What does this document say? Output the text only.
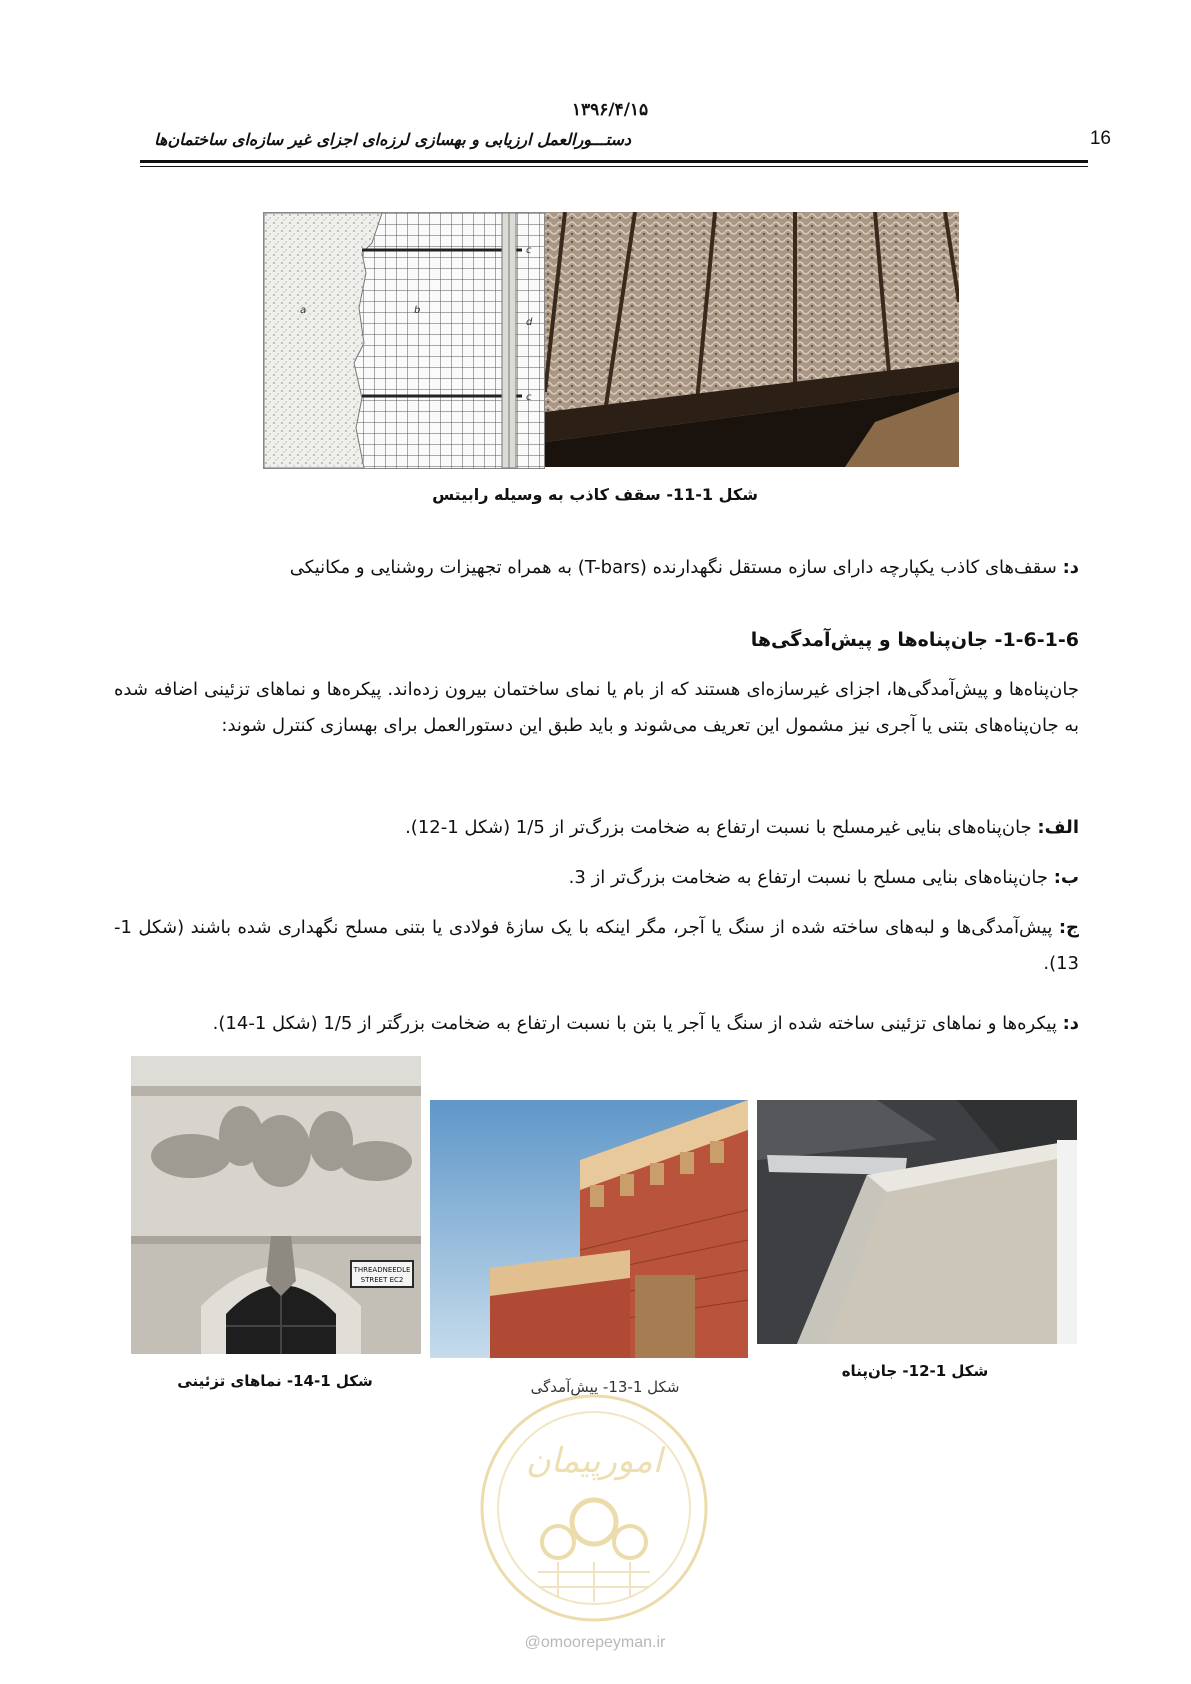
۱۳۹۶/۴/۱۵
دستـــورالعمل ارزیابی و بهسازی لرزه‌ای اجزای غیر سازه‌ای ساختمان‌ها	16
a	b
c
d
c
شکل 1-11- سقف کاذب به وسیله رابیتس
د: سقف‌های کاذب یکپارچه دارای سازه مستقل نگهدارنده (T-bars) به همراه تجهیزات روشنایی و مکانیکی
1-6-1-6- جان‌پناه‌ها و پیش‌آمدگی‌ها
جان‌پناه‌ها و پیش‌آمدگی‌ها، اجزای غیرسازه‌ای هستند که از بام یا نمای ساختمان بیرون زده‌اند. پیکره‌ها و نماهای تزئینی اضافه شده به جان‌پناه‌های بتنی یا آجری نیز مشمول این تعریف می‌شوند و باید طبق این دستورالعمل برای بهسازی کنترل شوند:
الف: جان‌پناه‌های بنایی غیرمسلح با نسبت ارتفاع به ضخامت بزرگ‌تر از 1/5 (شکل 1-12).
ب: جان‌پناه‌های بنایی مسلح با نسبت ارتفاع به ضخامت بزرگ‌تر از 3.
ج: پیش‌آمدگی‌ها و لبه‌های ساخته شده از سنگ یا آجر، مگر اینکه با یک سازۀ فولادی یا بتنی مسلح نگهداری شده باشند (شکل 1-13).
د: پیکره‌ها و نماهای تزئینی ساخته شده از سنگ یا آجر یا بتن با نسبت ارتفاع به ضخامت بزرگتر از 1/5 (شکل 1-14).
THREADNEEDLE
STREET EC2
شکل 1-14- نماهای تزئینی	شکل 1-13- پیش‌آمدگی
شکل 1-12- جان‌پناه
امورپیمان
@omoorepeyman.ir
